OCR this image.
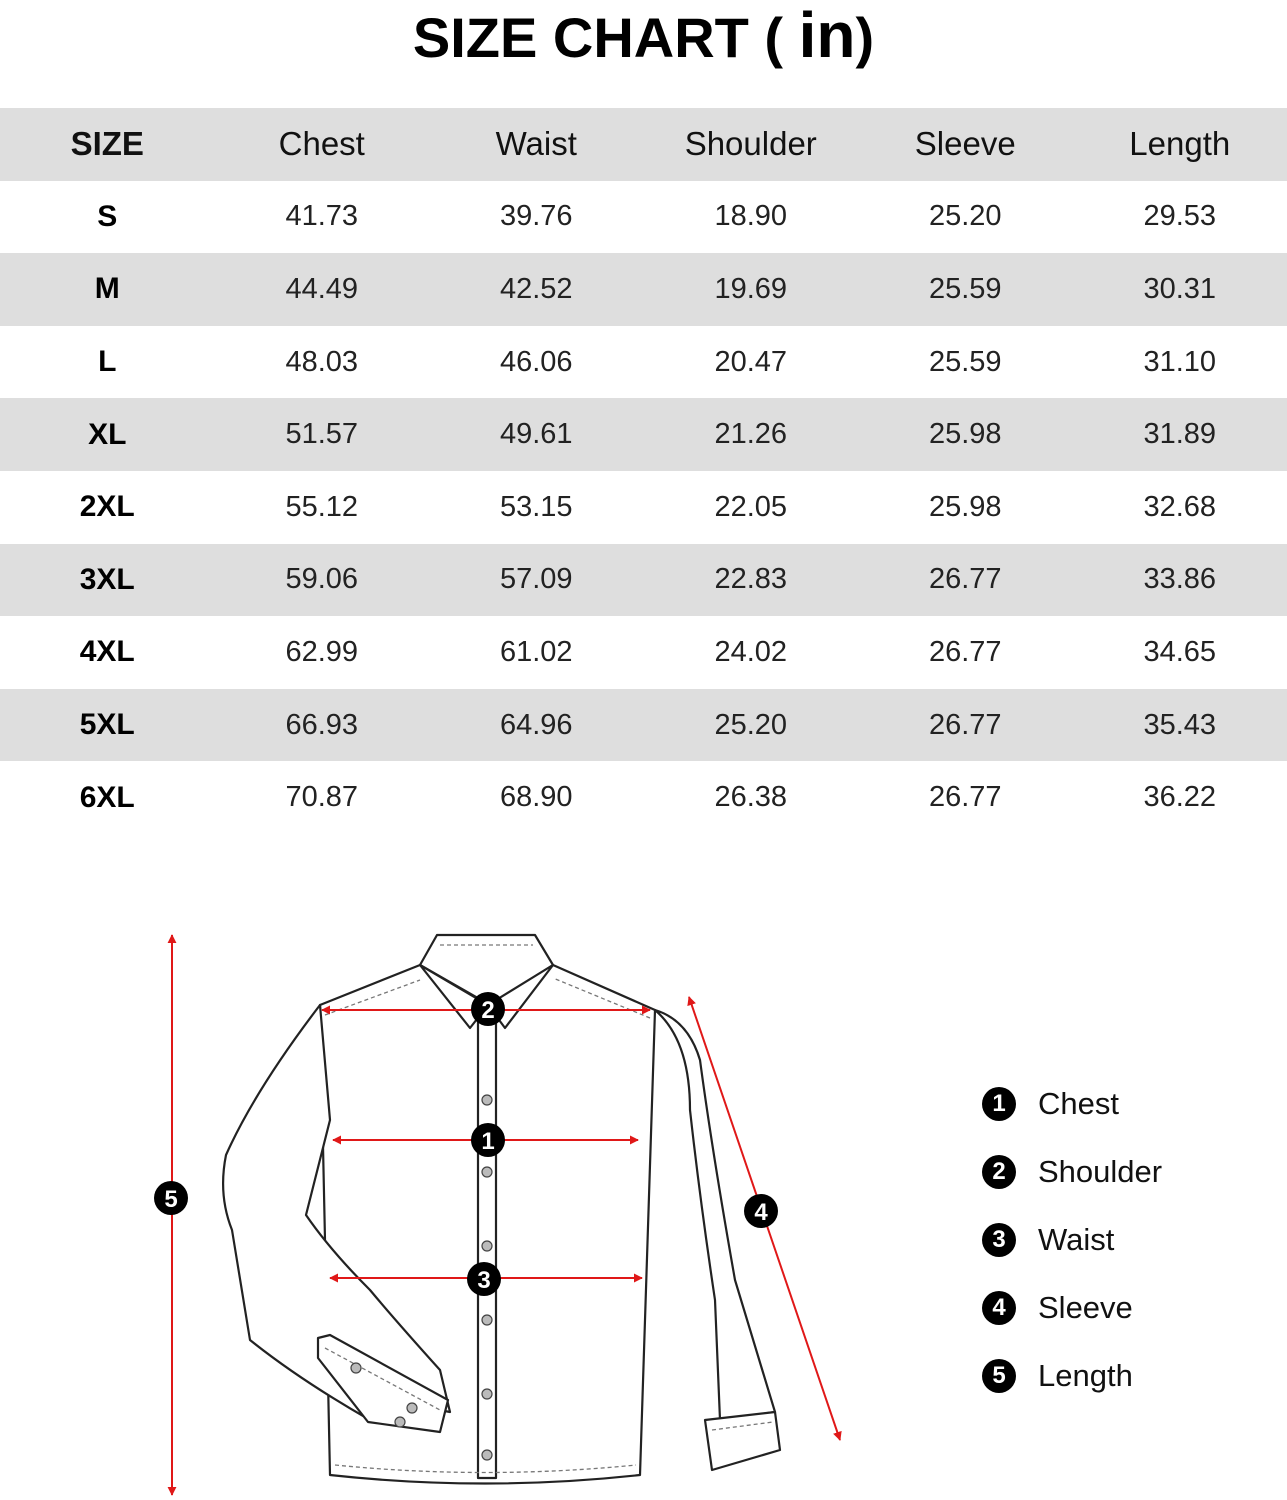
SIZE CHART ( in)
SIZE	Chest	Waist	Shoulder	Sleeve	Length
S	41.73	39.76	18.90	25.20	29.53
M	44.49	42.52	19.69	25.59	30.31
L	48.03	46.06	20.47	25.59	31.10
XL	51.57	49.61	21.26	25.98	31.89
2XL	55.12	53.15	22.05	25.98	32.68
3XL	59.06	57.09	22.83	26.77	33.86
4XL	62.99	61.02	24.02	26.77	34.65
5XL	66.93	64.96	25.20	26.77	35.43
6XL	70.87	68.90	26.38	26.77	36.22
2
1
3
4
5
1	Chest
2	Shoulder
3	Waist
4	Sleeve
5	Length
